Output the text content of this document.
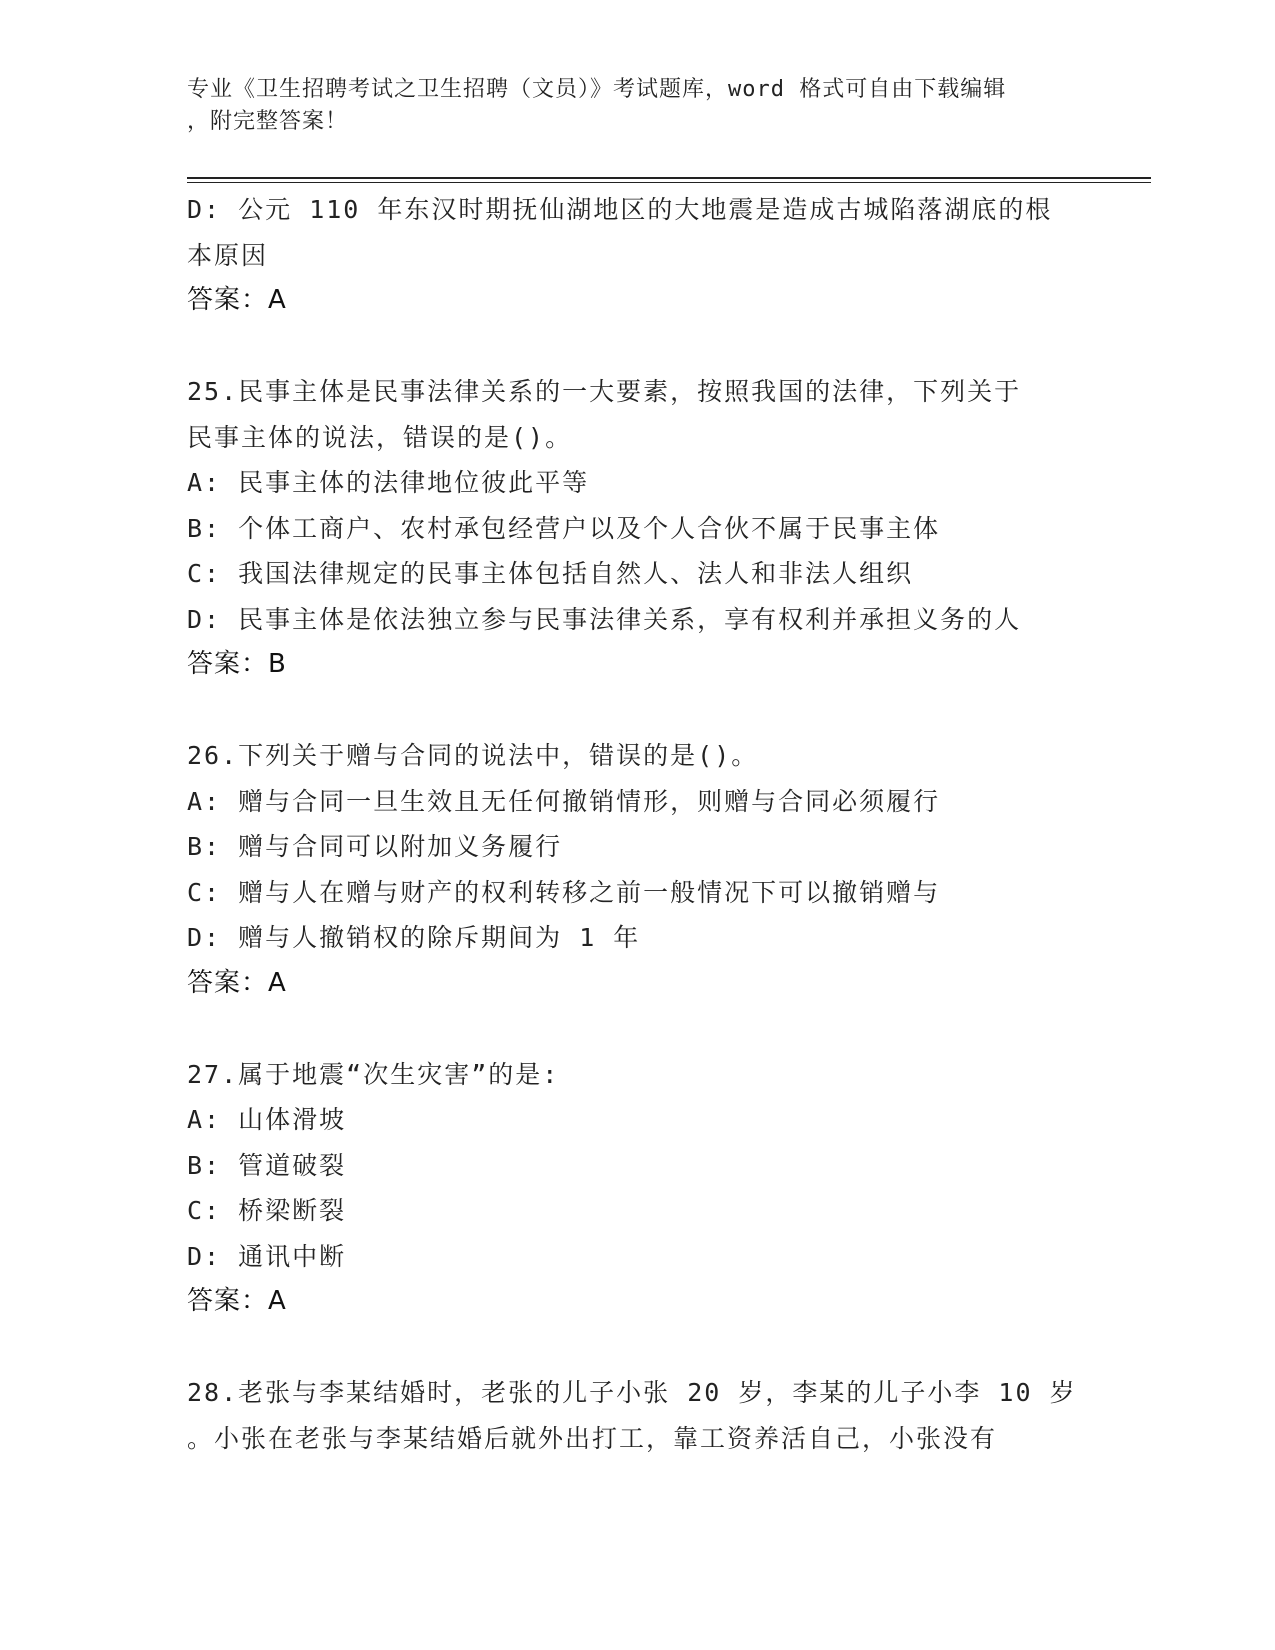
专业《卫生招聘考试之卫生招聘（文员）》考试题库，word 格式可自由下载编辑
，附完整答案！
D: 公元 110 年东汉时期抚仙湖地区的大地震是造成古城陷落湖底的根
本原因
答案：A
25.民事主体是民事法律关系的一大要素，按照我国的法律，下列关于
民事主体的说法，错误的是()。
A: 民事主体的法律地位彼此平等
B: 个体工商户、农村承包经营户以及个人合伙不属于民事主体
C: 我国法律规定的民事主体包括自然人、法人和非法人组织
D: 民事主体是依法独立参与民事法律关系，享有权利并承担义务的人
答案：B
26.下列关于赠与合同的说法中，错误的是()。
A: 赠与合同一旦生效且无任何撤销情形，则赠与合同必须履行
B: 赠与合同可以附加义务履行
C: 赠与人在赠与财产的权利转移之前一般情况下可以撤销赠与
D: 赠与人撤销权的除斥期间为 1 年
答案：A
27.属于地震“次生灾害”的是:
A: 山体滑坡
B: 管道破裂
C: 桥梁断裂
D: 通讯中断
答案：A
28.老张与李某结婚时，老张的儿子小张 20 岁，李某的儿子小李 10 岁
。小张在老张与李某结婚后就外出打工，靠工资养活自己，小张没有
